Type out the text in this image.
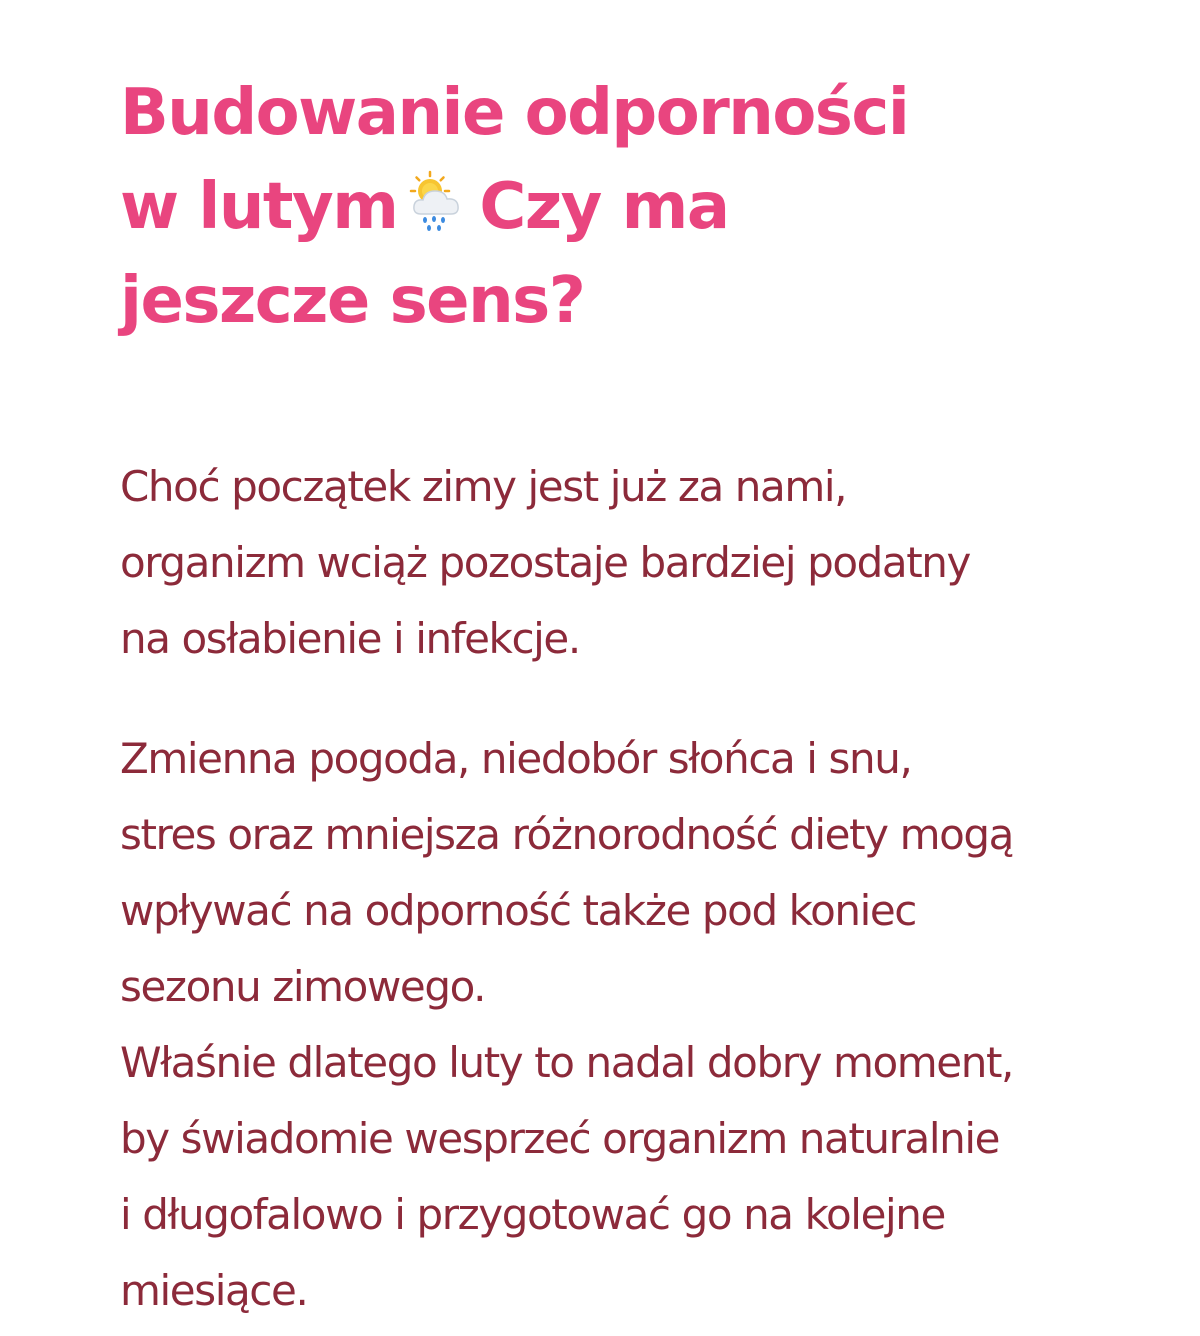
Budowanie odporności
w lutym Czy ma
jeszcze sens?

Choć początek zimy jest już za nami,
organizm wciąż pozostaje bardziej podatny
na osłabienie i infekcje.

Zmienna pogoda, niedobór słońca i snu,
stres oraz mniejsza różnorodność diety mogą
wpływać na odporność także pod koniec
sezonu zimowego.
Właśnie dlatego luty to nadal dobry moment,
by świadomie wesprzeć organizm naturalnie
i długofalowo i przygotować go na kolejne
miesiące.
